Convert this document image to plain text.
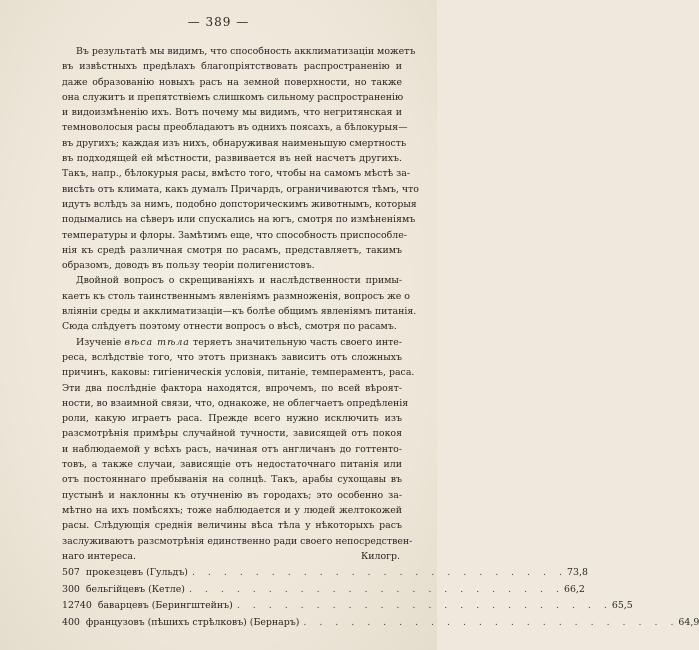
— 389 —
Въ результатѣ мы видимъ, что способность акклиматизаціи можетъ
въ извѣстныхъ предѣлахъ благопріятствовать распространенію и
даже образованію новыхъ расъ на земной поверхности, но также
она служитъ и препятствіемъ слишкомъ сильному распространенію
и видоизмѣненію ихъ. Вотъ почему мы видимъ, что негритянская и
темноволосыя расы преобладаютъ въ однихъ поясахъ, а бѣлокурыя—
въ другихъ; каждая изъ нихъ, обнаруживая наименьшую смертность
въ подходящей ей мѣстности, развивается въ ней насчетъ другихъ.
Такъ, напр., бѣлокурыя расы, вмѣсто того, чтобы на самомъ мѣстѣ за-
висѣть отъ климата, какъ думалъ Причардъ, ограничиваются тѣмъ, что
идутъ вслѣдъ за нимъ, подобно допсторическимъ животнымъ, которыя
подымались на сѣверъ или спускались на югъ, смотря по измѣненіямъ
температуры и флоры. Замѣтимъ еще, что способность приспособле-
нія къ средѣ различная смотря по расамъ, представляетъ, такимъ
образомъ, доводъ въ пользу теоріи полигенистовъ.
Двойной вопросъ о скрещиваніяхъ и наслѣдственности примы-
каетъ къ столь таинственнымъ явленіямъ размноженія, вопросъ же о
вліяніи среды и акклиматизаціи—къ болѣе общимъ явленіямъ питанія.
Сюда слѣдуетъ поэтому отнести вопросъ о вѣсѣ, смотря по расамъ.
Изученіе вѣса тѣла теряетъ значительную часть своего инте-
реса, вслѣдствіе того, что этотъ признакъ зависитъ отъ сложныхъ
причинъ, каковы: гигіеническія условія, питаніе, темпераментъ, раса.
Эти два послѣдніе фактора находятся, впрочемъ, по всей вѣроят-
ности, во взаимной связи, что, однакоже, не облегчаетъ опредѣленія
роли, какую играетъ раса. Прежде всего нужно исключить изъ
разсмотрѣнія примѣры случайной тучности, зависящей отъ покоя
и наблюдаемой у всѣхъ расъ, начиная отъ англичанъ до готтенто-
товъ, а также случаи, зависящіе отъ недостаточнаго питанія или
отъ постояннаго пребыванія на солнцѣ. Такъ, арабы сухощавы въ
пустынѣ и наклонны къ отучненію въ городахъ; это особенно за-
мѣтно на ихъ помѣсяхъ; тоже наблюдается и у людей желтокожей
расы. Слѣдующія среднія величины вѣса тѣла у нѣкоторыхъ расъ
заслуживаютъ разсмотрѣнія единственно ради своего непосредствен-
наго интереса.	Килогр.
507 прокезцевъ (Гульдъ) . . . . . . . . . . . . . . . . . . . . . . . . 73,8
300 бельгійцевъ (Кетле) . . . . . . . . . . . . . . . . . . . . . . . . 66,2
12740 баварцевъ (Берингштейнъ) . . . . . . . . . . . . . . . . . . . . . . . . 65,5
400 французовъ (пѣшихъ стрѣлковъ) (Бернаръ) . . . . . . . . . . . . . . . . . . . . . . . . 64,9
